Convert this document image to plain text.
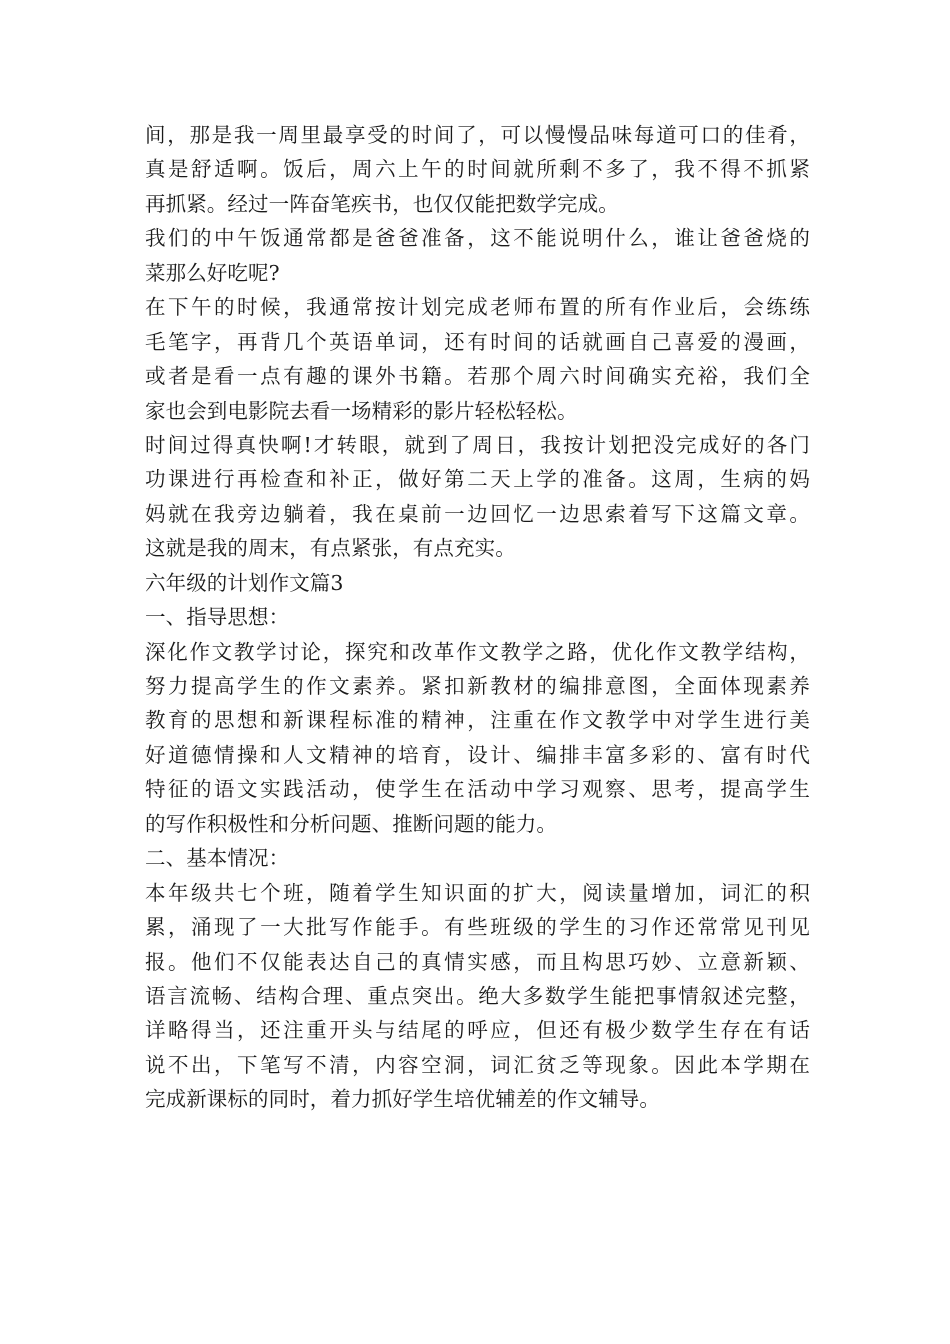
间，那是我一周里最享受的时间了，可以慢慢品味每道可口的佳肴，
真是舒适啊。饭后，周六上午的时间就所剩不多了，我不得不抓紧
再抓紧。经过一阵奋笔疾书，也仅仅能把数学完成。
我们的中午饭通常都是爸爸准备，这不能说明什么，谁让爸爸烧的
菜那么好吃呢?
在下午的时候，我通常按计划完成老师布置的所有作业后，会练练
毛笔字，再背几个英语单词，还有时间的话就画自己喜爱的漫画，
或者是看一点有趣的课外书籍。若那个周六时间确实充裕，我们全
家也会到电影院去看一场精彩的影片轻松轻松。
时间过得真快啊!才转眼，就到了周日，我按计划把没完成好的各门
功课进行再检查和补正，做好第二天上学的准备。这周，生病的妈
妈就在我旁边躺着，我在桌前一边回忆一边思索着写下这篇文章。
这就是我的周末，有点紧张，有点充实。
六年级的计划作文篇3
一、指导思想：
深化作文教学讨论，探究和改革作文教学之路，优化作文教学结构，
努力提高学生的作文素养。紧扣新教材的编排意图，全面体现素养
教育的思想和新课程标准的精神，注重在作文教学中对学生进行美
好道德情操和人文精神的培育，设计、编排丰富多彩的、富有时代
特征的语文实践活动，使学生在活动中学习观察、思考，提高学生
的写作积极性和分析问题、推断问题的能力。
二、基本情况：
本年级共七个班，随着学生知识面的扩大，阅读量增加，词汇的积
累，涌现了一大批写作能手。有些班级的学生的习作还常常见刊见
报。他们不仅能表达自己的真情实感，而且构思巧妙、立意新颖、
语言流畅、结构合理、重点突出。绝大多数学生能把事情叙述完整，
详略得当，还注重开头与结尾的呼应，但还有极少数学生存在有话
说不出，下笔写不清，内容空洞，词汇贫乏等现象。因此本学期在
完成新课标的同时，着力抓好学生培优辅差的作文辅导。
